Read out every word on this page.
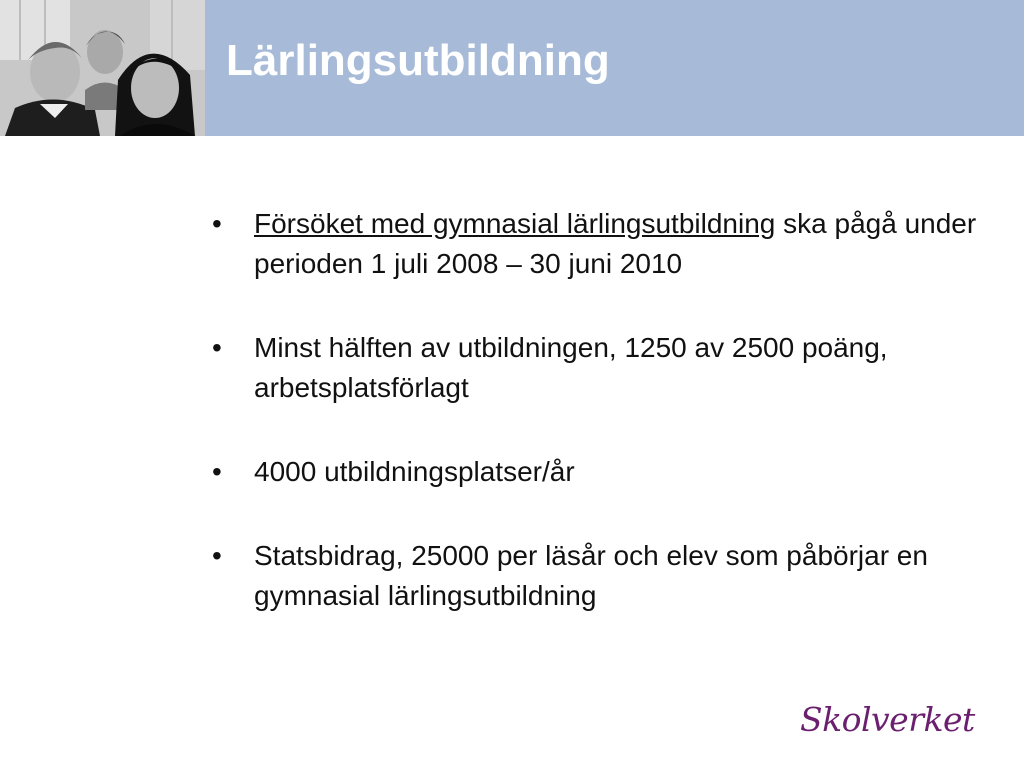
Lärlingsutbildning
• Försöket med gymnasial lärlingsutbildning ska pågå under perioden 1 juli 2008 – 30 juni 2010
• Minst hälften av utbildningen, 1250 av 2500 poäng, arbetsplatsförlagt
• 4000 utbildningsplatser/år
• Statsbidrag, 25000 per läsår och elev som påbörjar en gymnasial lärlingsutbildning
Skolverket
